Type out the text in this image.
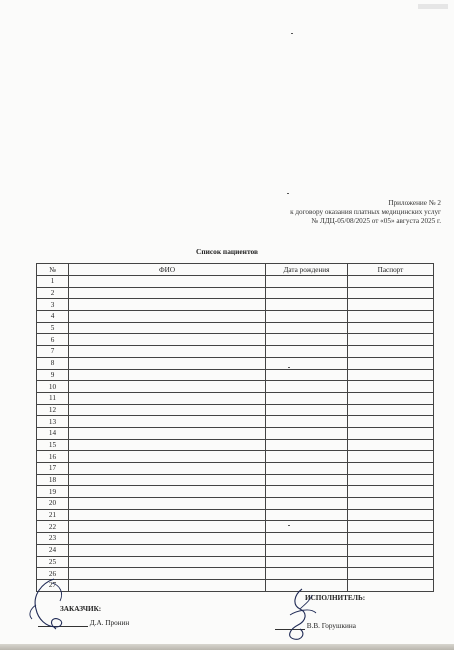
Приложение № 2
к договору оказания платных медицинских услуг
№ ЛДЦ-05/08/2025 от «05» августа 2025 г.
Список пациентов
№	ФИО	Дата рождения	Паспорт
1			
2			
3			
4			
5			
6			
7			
8			
9			
10			
11			
12			
13			
14			
15			
16			
17			
18			
19			
20			
21			
22			
23			
24			
25			
26			
27			
ЗАКАЗЧИК:
Д.А. Пронин
ИСПОЛНИТЕЛЬ:
В.В. Горушкина
